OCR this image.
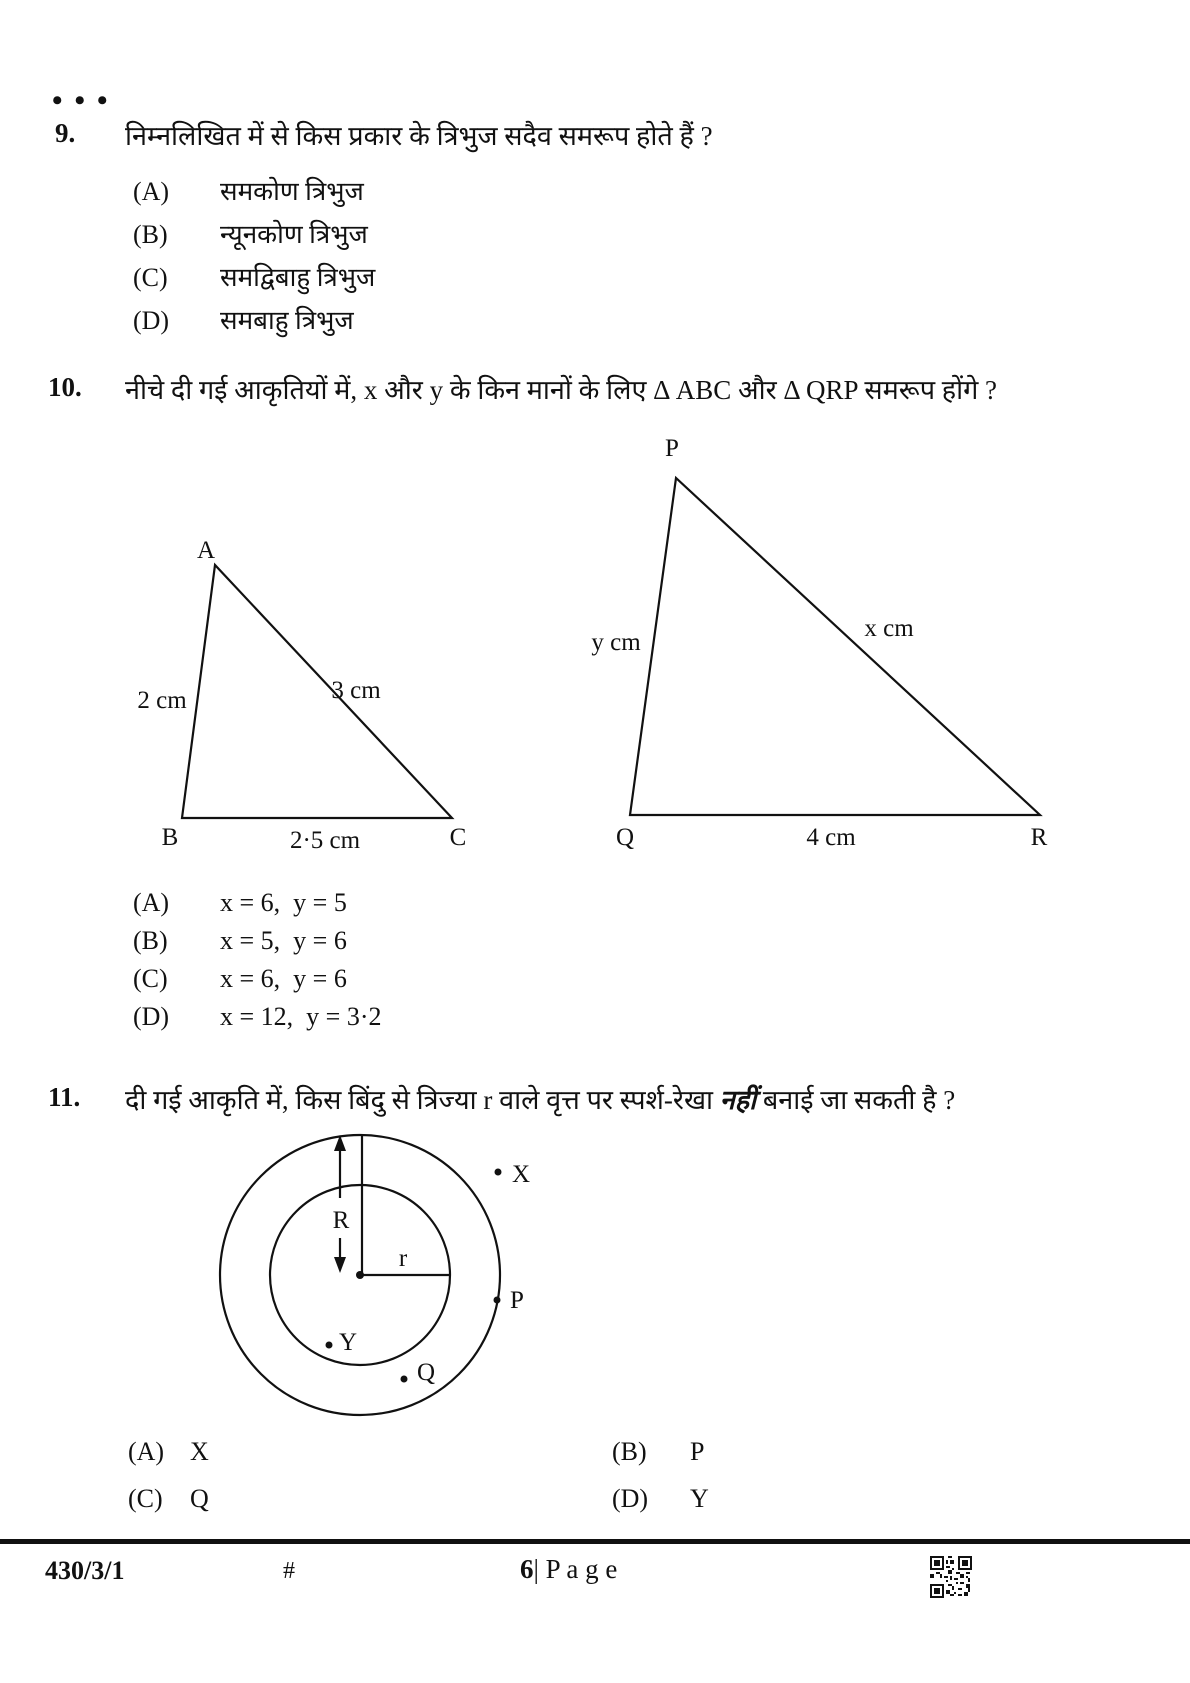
•••
9. निम्नलिखित में से किस प्रकार के त्रिभुज सदैव समरूप होते हैं ?
(A) समकोण त्रिभुज
(B) न्यूनकोण त्रिभुज
(C) समद्विबाहु त्रिभुज
(D) समबाहु त्रिभुज
10. नीचे दी गई आकृतियों में, x और y के किन मानों के लिए Δ ABC और Δ QRP समरूप होंगे ?
A
B	C
2 cm	3 cm
2·5 cm
P
Q	R
y cm
x cm
4 cm
(A) x = 6,  y = 5
(B) x = 5,  y = 6
(C) x = 6,  y = 6
(D) x = 12,  y = 3·2
11. दी गई आकृति में, किस बिंदु से त्रिज्या r वाले वृत्त पर स्पर्श-रेखा नहीं बनाई जा सकती है ?
R
r
X
P
Y
Q
(A) X	(B) P
(C) Q	(D) Y
430/3/1	#	6| P a g e
